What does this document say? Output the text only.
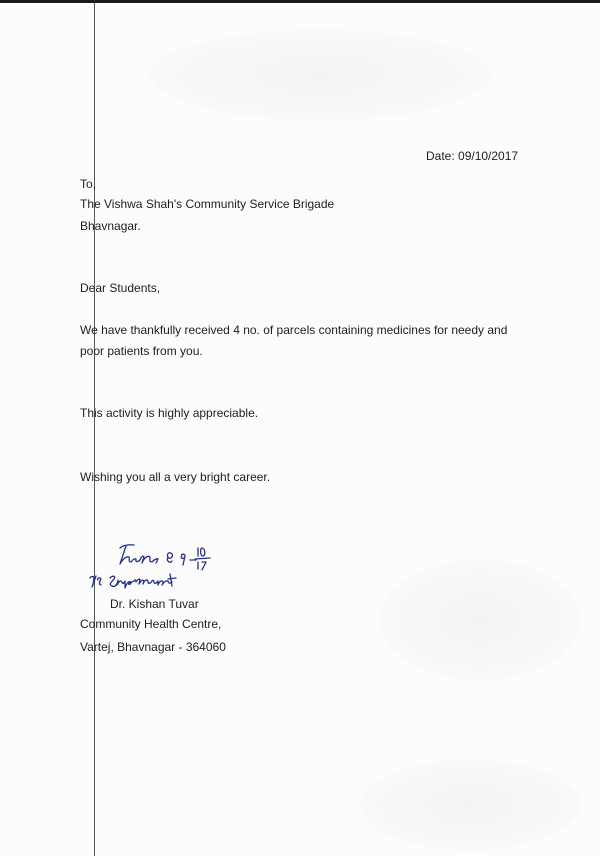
Date: 09/10/2017

To,

The Vishwa Shah's Community Service Brigade

Bhavnagar.

Dear Students,

We have thankfully received 4 no. of parcels containing medicines for needy and

poor patients from you.

This activity is highly appreciable.

Wishing you all a very bright career.

Dr. Kishan Tuvar

Community Health Centre,

Vartej, Bhavnagar - 364060
